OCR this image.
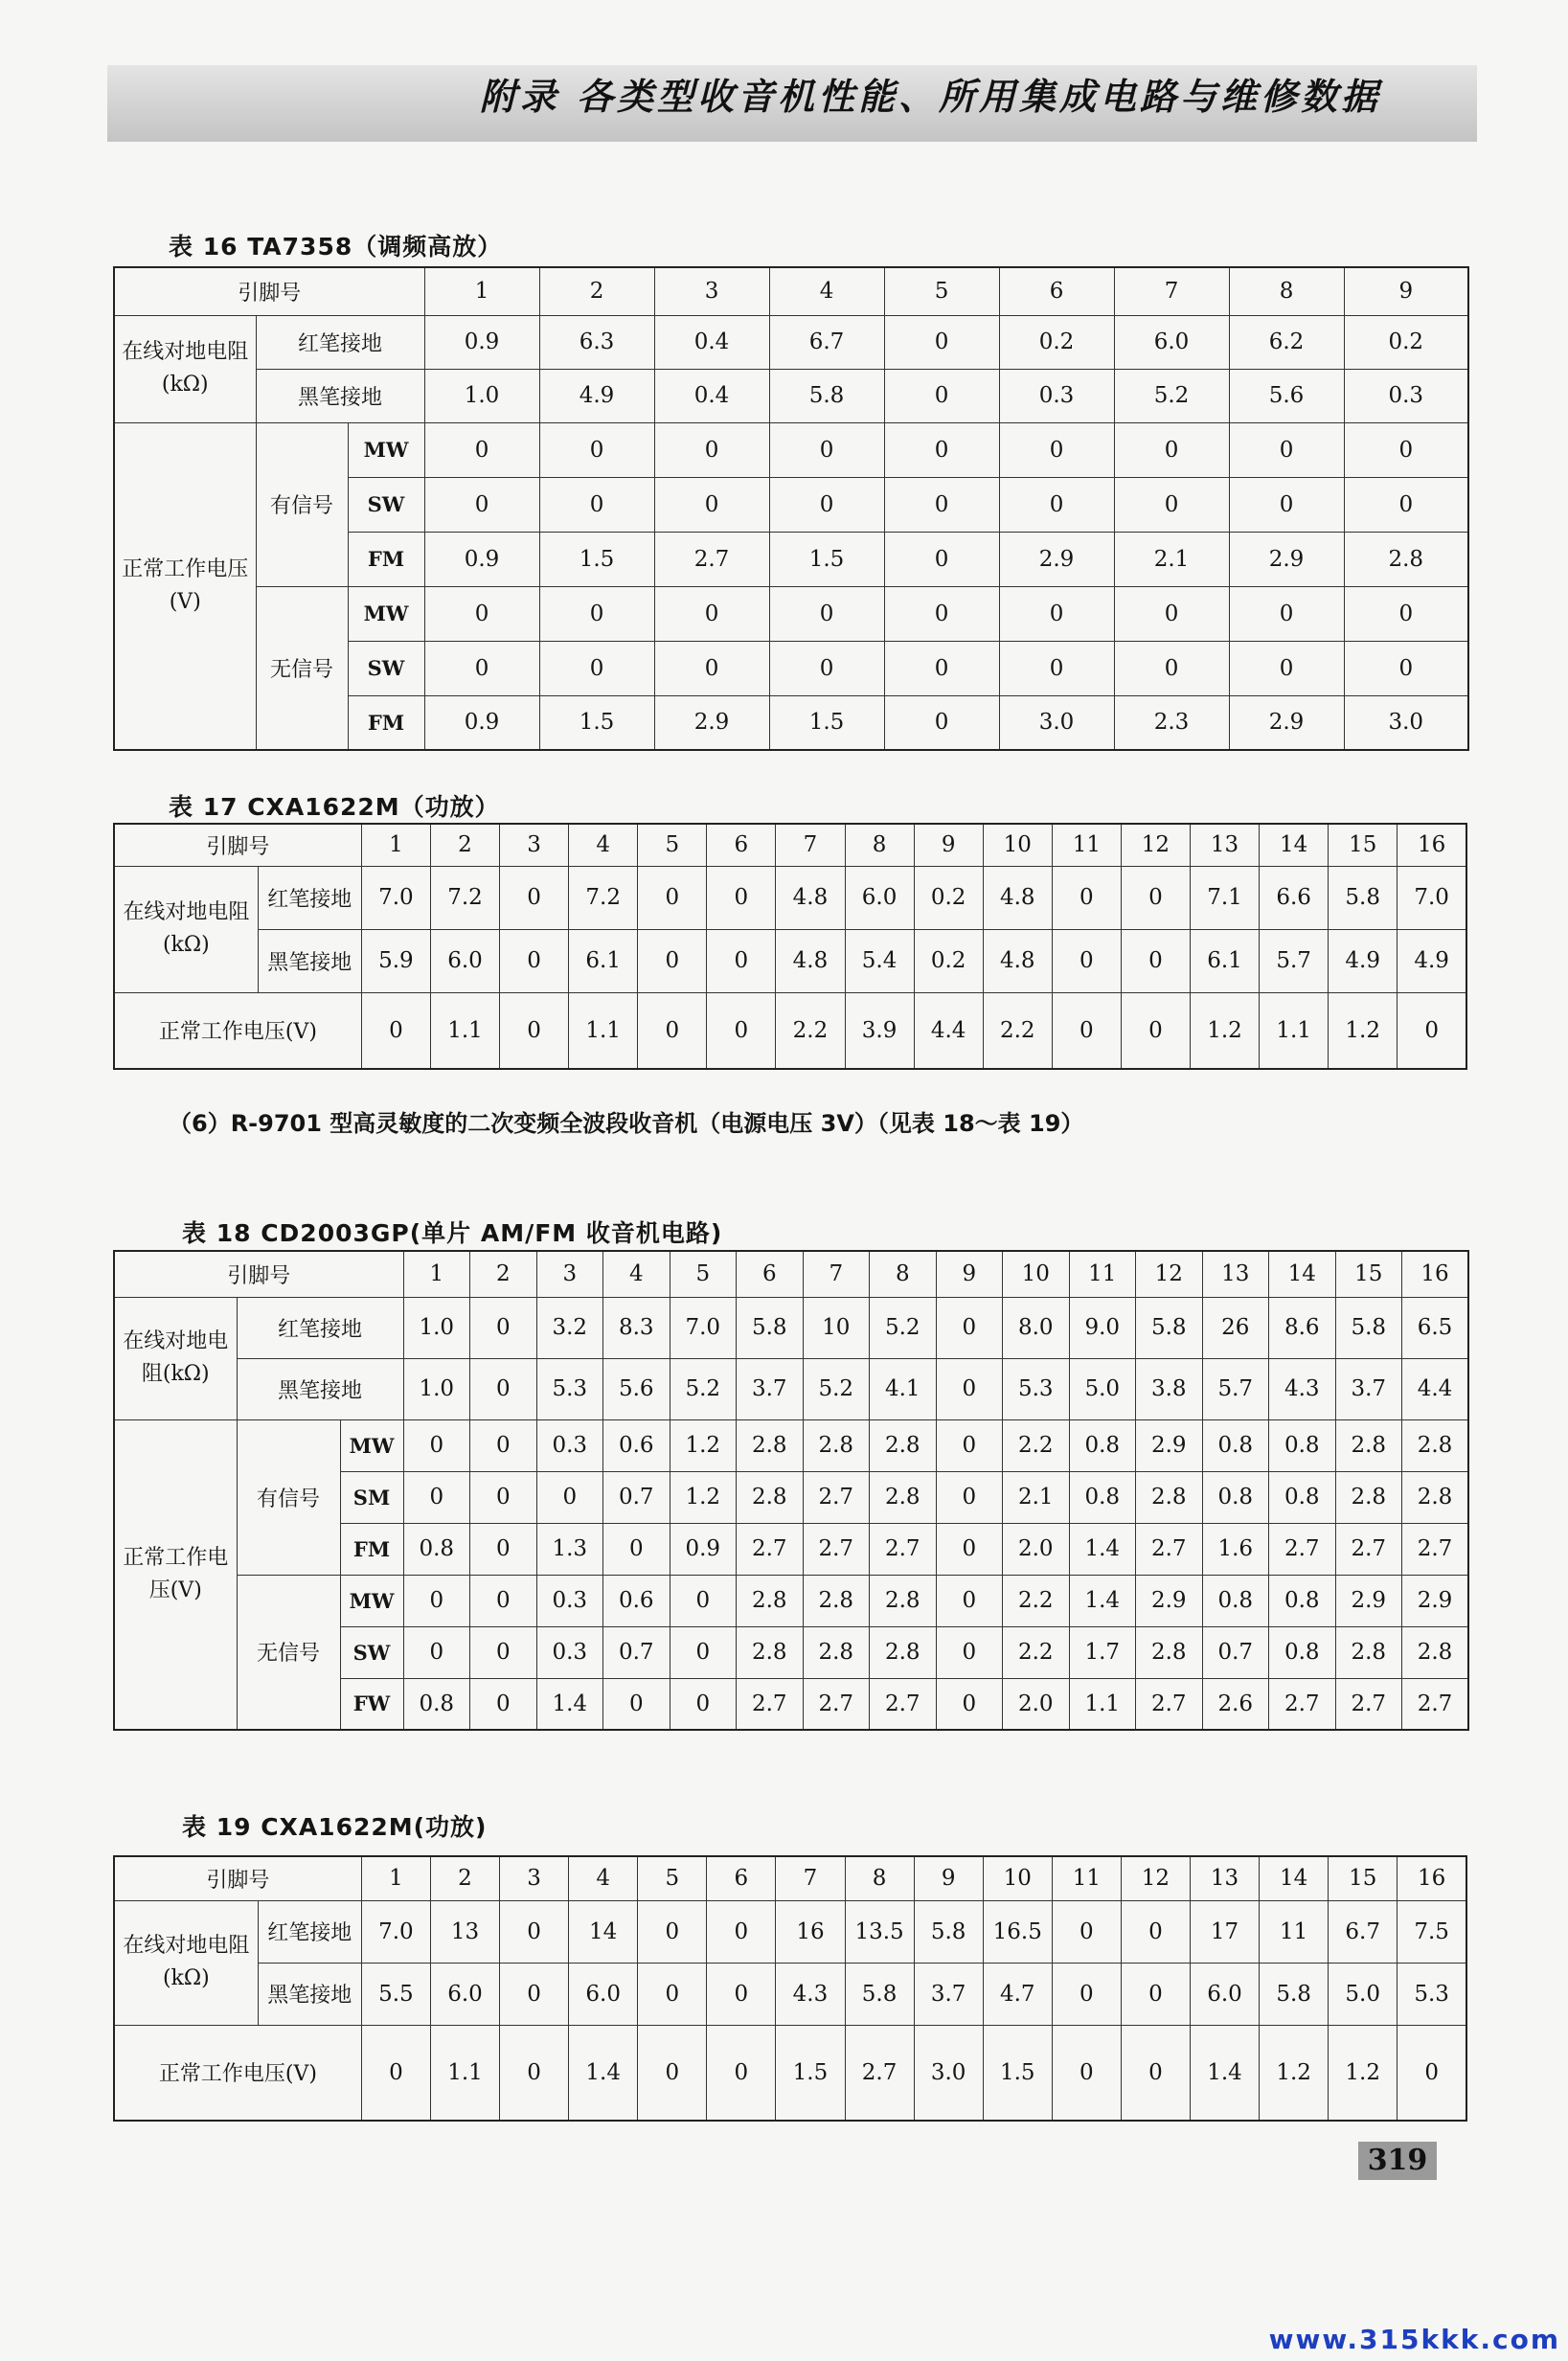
附录 各类型收音机性能、所用集成电路与维修数据
表 16 TA7358（调频高放）
引脚号			1	2	3	4	5	6	7	8	9
在线对地电阻(kΩ)	红笔接地		0.9	6.3	0.4	6.7	0	0.2	6.0	6.2	0.2
	黑笔接地		1.0	4.9	0.4	5.8	0	0.3	5.2	5.6	0.3
正常工作电压(V)	有信号	MW	0	0	0	0	0	0	0	0	0
		SW	0	0	0	0	0	0	0	0	0
		FM	0.9	1.5	2.7	1.5	0	2.9	2.1	2.9	2.8
	无信号	MW	0	0	0	0	0	0	0	0	0
		SW	0	0	0	0	0	0	0	0	0
		FM	0.9	1.5	2.9	1.5	0	3.0	2.3	2.9	3.0
表 17 CXA1622M（功放）
引脚号		1	2	3	4	5	6	7	8	9	10	11	12	13	14	15	16
在线对地电阻(kΩ)	红笔接地	7.0	7.2	0	7.2	0	0	4.8	6.0	0.2	4.8	0	0	7.1	6.6	5.8	7.0
	黑笔接地	5.9	6.0	0	6.1	0	0	4.8	5.4	0.2	4.8	0	0	6.1	5.7	4.9	4.9
正常工作电压(V)		0	1.1	0	1.1	0	0	2.2	3.9	4.4	2.2	0	0	1.2	1.1	1.2	0
（6）R-9701 型高灵敏度的二次变频全波段收音机（电源电压 3V）（见表 18～表 19）
表 18 CD2003GP(单片 AM/FM 收音机电路)
引脚号			1	2	3	4	5	6	7	8	9	10	11	12	13	14	15	16
在线对地电阻(kΩ)	红笔接地		1.0	0	3.2	8.3	7.0	5.8	10	5.2	0	8.0	9.0	5.8	26	8.6	5.8	6.5
	黑笔接地		1.0	0	5.3	5.6	5.2	3.7	5.2	4.1	0	5.3	5.0	3.8	5.7	4.3	3.7	4.4
正常工作电压(V)	有信号	MW	0	0	0.3	0.6	1.2	2.8	2.8	2.8	0	2.2	0.8	2.9	0.8	0.8	2.8	2.8
		SM	0	0	0	0.7	1.2	2.8	2.7	2.8	0	2.1	0.8	2.8	0.8	0.8	2.8	2.8
		FM	0.8	0	1.3	0	0.9	2.7	2.7	2.7	0	2.0	1.4	2.7	1.6	2.7	2.7	2.7
	无信号	MW	0	0	0.3	0.6	0	2.8	2.8	2.8	0	2.2	1.4	2.9	0.8	0.8	2.9	2.9
		SW	0	0	0.3	0.7	0	2.8	2.8	2.8	0	2.2	1.7	2.8	0.7	0.8	2.8	2.8
		FW	0.8	0	1.4	0	0	2.7	2.7	2.7	0	2.0	1.1	2.7	2.6	2.7	2.7	2.7
表 19 CXA1622M(功放)
引脚号		1	2	3	4	5	6	7	8	9	10	11	12	13	14	15	16
在线对地电阻(kΩ)	红笔接地	7.0	13	0	14	0	0	16	13.5	5.8	16.5	0	0	17	11	6.7	7.5
	黑笔接地	5.5	6.0	0	6.0	0	0	4.3	5.8	3.7	4.7	0	0	6.0	5.8	5.0	5.3
正常工作电压(V)		0	1.1	0	1.4	0	0	1.5	2.7	3.0	1.5	0	0	1.4	1.2	1.2	0
319
www.315kkk.com
